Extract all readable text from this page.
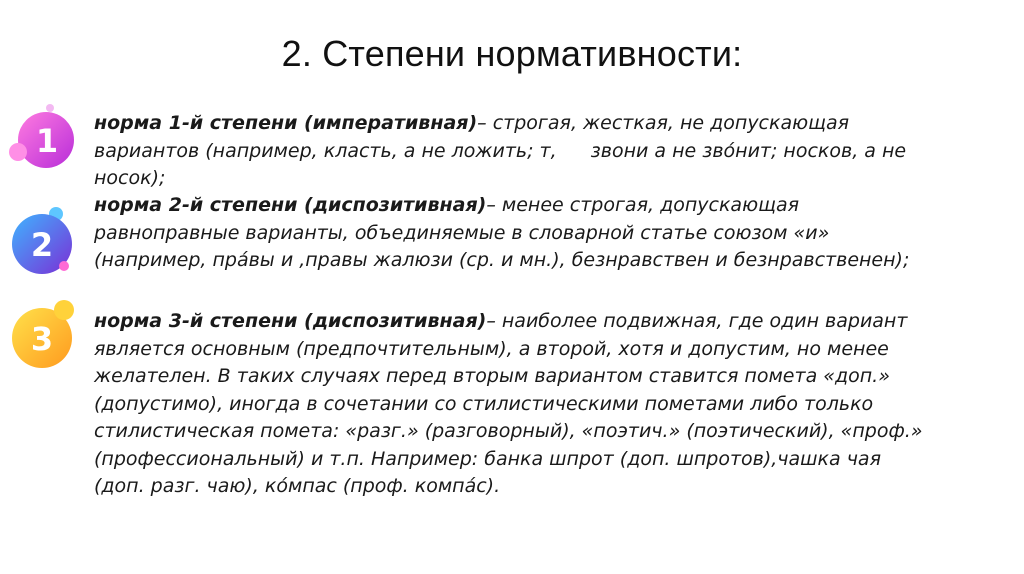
2. Степени нормативности:
1
2
3

норма 1-й степени (императивная)– строгая, жесткая, не допускающая
вариантов (например, класть, а не ложить; т, звони а не звóнит; носков, а не
носок);

норма 2-й степени (диспозитивная)– менее строгая, допускающая
равноправные варианты, объединяемые в словарной статье союзом «и»
(например, прáвы и ,правы жалюзи (ср. и мн.), безнравствен и безнравственен);

норма 3-й степени (диспозитивная)– наиболее подвижная, где один вариант
является основным (предпочтительным), а второй, хотя и допустим, но менее
желателен. В таких случаях перед вторым вариантом ставится помета «доп.»
(допустимо), иногда в сочетании со стилистическими пометами либо только
стилистическая помета: «разг.» (разговорный), «поэтич.» (поэтический), «проф.»
(профессиональный) и т.п. Например: банка шпрот (доп. шпротов),чашка чая
(доп. разг. чаю), кóмпас (проф. компáс).
